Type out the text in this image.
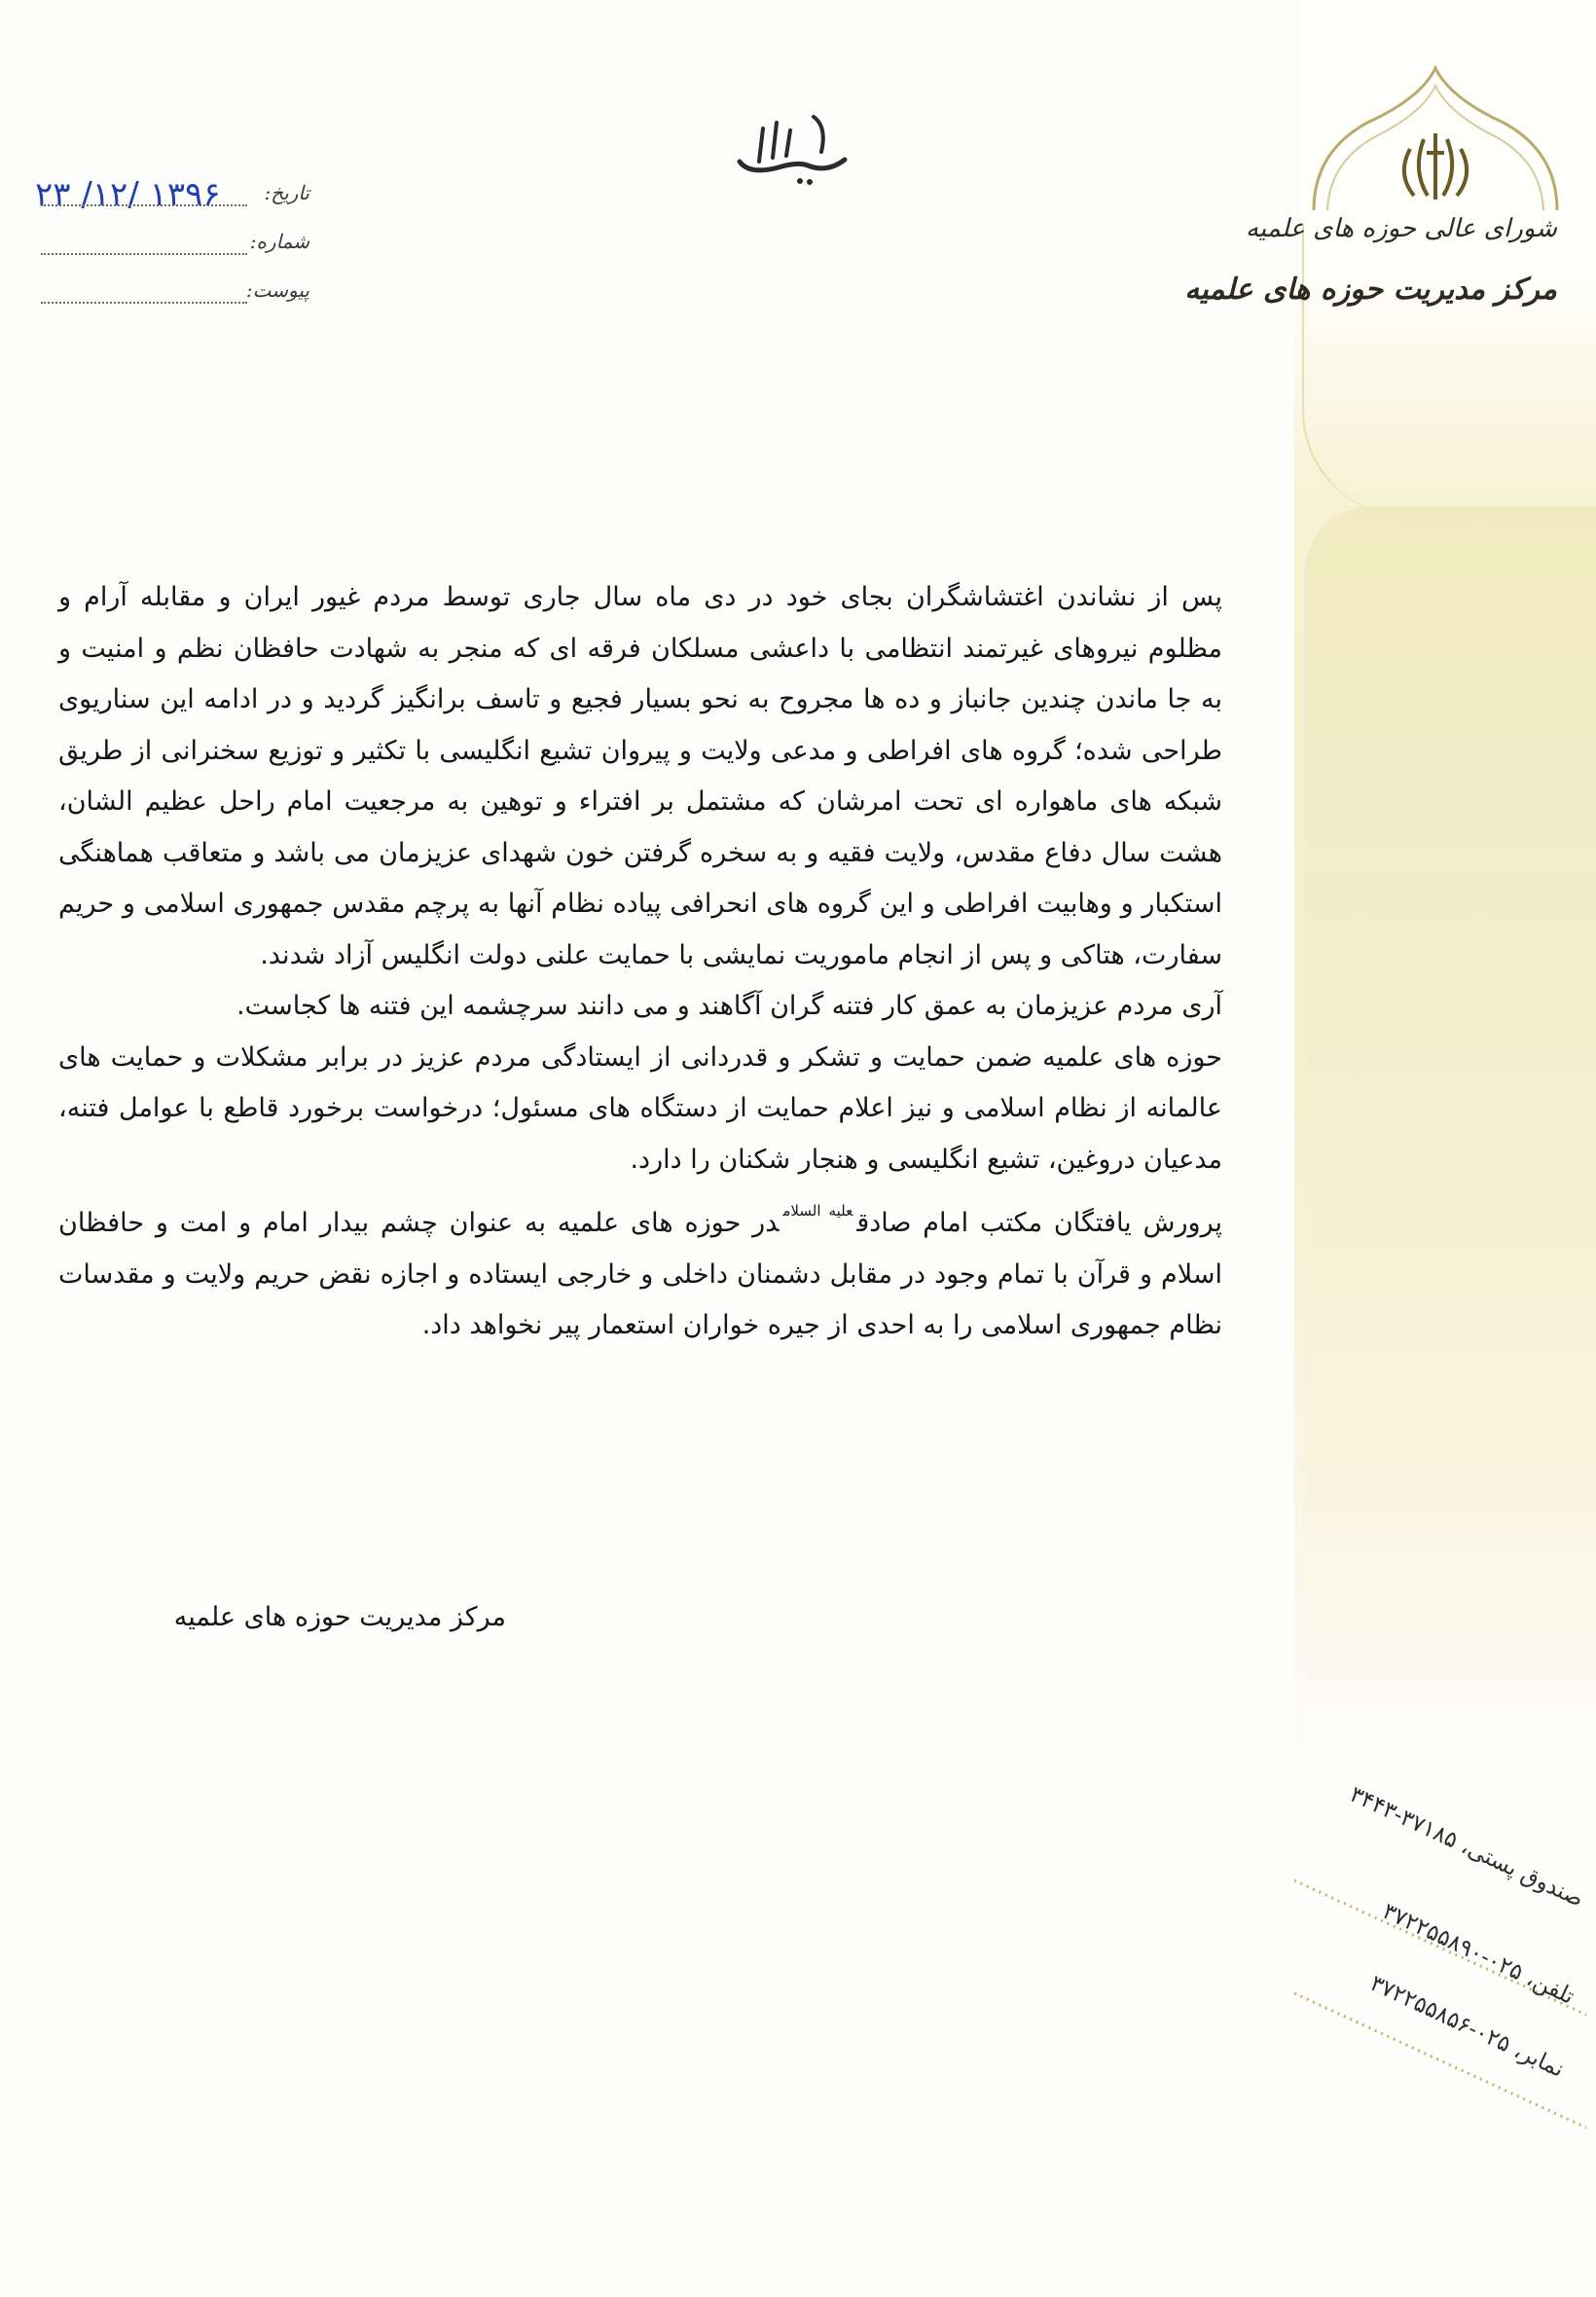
شورای عالی حوزه های علمیه
مرکز مدیریت حوزه های علمیه
تاریخ:
۱۳۹۶ /۱۲/ ۲۳
شماره:
پیوست:

پس از نشاندن اغتشاشگران بجای خود در دی ماه سال جاری توسط مردم غیور ایران و مقابله آرام و مظلوم نیروهای غیرتمند انتظامی با داعشی مسلکان فرقه ای که منجر به شهادت حافظان نظم و امنیت و به جا ماندن چندین جانباز و ده ها مجروح به نحو بسیار فجیع و تاسف برانگیز گردید و در ادامه این سناریوی طراحی شده؛ گروه های افراطی و مدعی ولایت و پیروان تشیع انگلیسی با تکثیر و توزیع سخنرانی از طریق شبکه های ماهواره ای تحت امرشان که مشتمل بر افتراء و توهین به مرجعیت امام راحل عظیم الشان، هشت سال دفاع مقدس، ولایت فقیه و به سخره گرفتن خون شهدای عزیزمان می باشد و متعاقب هماهنگی استکبار و وهابیت افراطی و این گروه های انحرافی پیاده نظام آنها به پرچم مقدس جمهوری اسلامی و حریم سفارت، هتاکی و پس از انجام ماموریت نمایشی با حمایت علنی دولت انگلیس آزاد شدند.

آری مردم عزیزمان به عمق کار فتنه گران آگاهند و می دانند سرچشمه این فتنه ها کجاست.

حوزه های علمیه ضمن حمایت و تشکر و قدردانی از ایستادگی مردم عزیز در برابر مشکلات و حمایت های عالمانه از نظام اسلامی و نیز اعلام حمایت از دستگاه های مسئول؛ درخواست برخورد قاطع با عوامل فتنه، مدعیان دروغین، تشیع انگلیسی و هنجار شکنان را دارد.

پرورش یافتگان مکتب امام صادق$^{علیه السلام}$در حوزه های علمیه به عنوان چشم بیدار امام و امت و حافظان اسلام و قرآن با تمام وجود در مقابل دشمنان داخلی و خارجی ایستاده و اجازه نقض حریم ولایت و مقدسات نظام جمهوری اسلامی را به احدی از جیره خواران استعمار پیر نخواهد داد.

مرکز مدیریت حوزه های علمیه
صندوق پستی، ۳۷۱۸۵-۳۴۴۳
تلفن، ۰۲۵-۳۷۲۲۵۵۸۹۰
نمابر، ۰۲۵-۳۷۲۲۵۵۸۵۶
